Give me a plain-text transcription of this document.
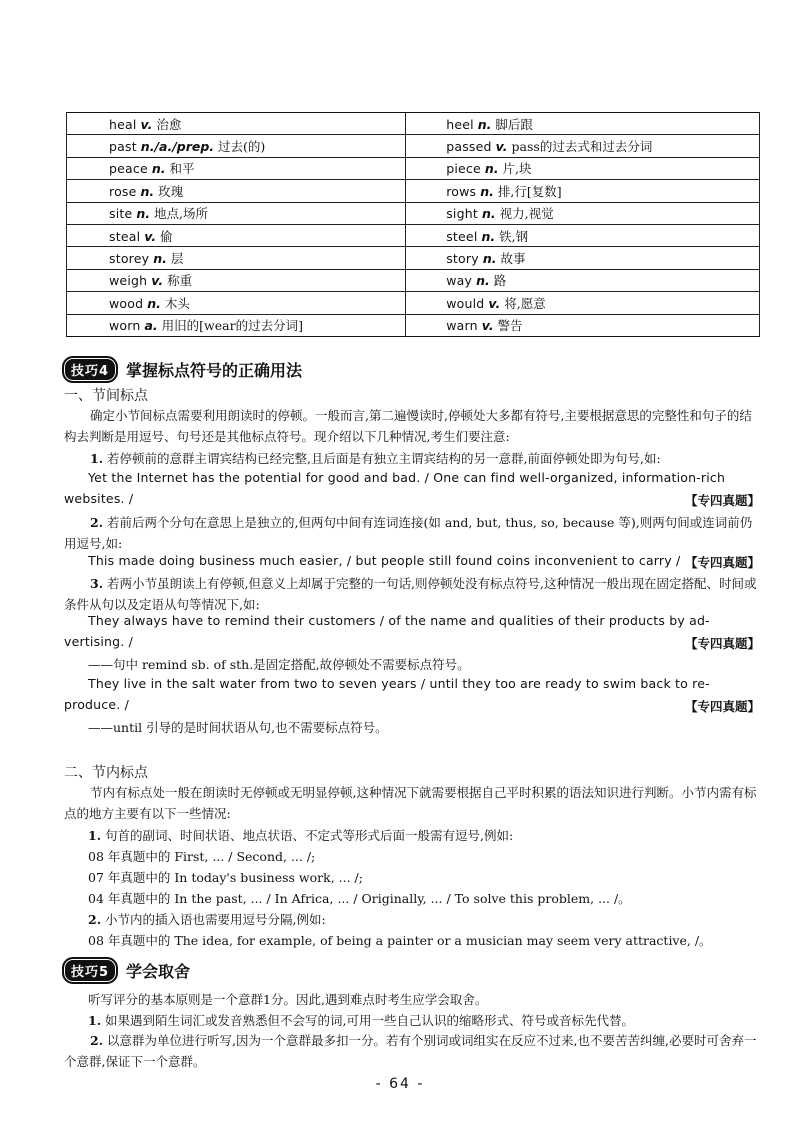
heal v. 治愈	heel n. 脚后跟
past n./a./prep. 过去(的)	passed v. pass的过去式和过去分词
peace n. 和平	piece n. 片,块
rose n. 玫瑰	rows n. 排,行[复数]
site n. 地点,场所	sight n. 视力,视觉
steal v. 偷	steel n. 铁,钢
storey n. 层	story n. 故事
weigh v. 称重	way n. 路
wood n. 木头	would v. 将,愿意
worn a. 用旧的[wear的过去分词]	warn v. 警告
技巧4	掌握标点符号的正确用法
一、节间标点

确定小节间标点需要利用朗读时的停顿。一般而言,第二遍慢读时,停顿处大多都有符号,主要根据意思的完整性和句子的结构去判断是用逗号、句号还是其他标点符号。现介绍以下几种情况,考生们要注意:

1. 若停顿前的意群主谓宾结构已经完整,且后面是有独立主谓宾结构的另一意群,前面停顿处即为句号,如:

Yet the Internet has the potential for good and bad. / One can find well-organized, information-rich
websites. /	【专四真题】

2. 若前后两个分句在意思上是独立的,但两句中间有连词连接(如 and, but, thus, so, because 等),则两句间或连词前仍用逗号,如:

This made doing business much easier, / but people still found coins inconvenient to carry / 【专四真题】

3. 若两小节虽朗读上有停顿,但意义上却属于完整的一句话,则停顿处没有标点符号,这种情况一般出现在固定搭配、时间或条件从句以及定语从句等情况下,如:

They always have to remind their customers / of the name and qualities of their products by ad-
vertising. /	【专四真题】
——句中 remind sb. of sth.是固定搭配,故停顿处不需要标点符号。
They live in the salt water from two to seven years / until they too are ready to swim back to re-
produce. /	【专四真题】
——until 引导的是时间状语从句,也不需要标点符号。
二、节内标点

节内有标点处一般在朗读时无停顿或无明显停顿,这种情况下就需要根据自己平时积累的语法知识进行判断。小节内需有标点的地方主要有以下一些情况:

1. 句首的副词、时间状语、地点状语、不定式等形式后面一般需有逗号,例如:
08 年真题中的 First, ... / Second, ... /;
07 年真题中的 In today's business work, ... /;
04 年真题中的 In the past, ... / In Africa, ... / Originally, ... / To solve this problem, ... /。
2. 小节内的插入语也需要用逗号分隔,例如:
08 年真题中的 The idea, for example, of being a painter or a musician may seem very attractive, /。
技巧5	学会取舍
听写评分的基本原则是一个意群1分。因此,遇到难点时考生应学会取舍。
1. 如果遇到陌生词汇或发音熟悉但不会写的词,可用一些自己认识的缩略形式、符号或音标先代替。

2. 以意群为单位进行听写,因为一个意群最多扣一分。若有个别词或词组实在反应不过来,也不要苦苦纠缠,必要时可舍弃一个意群,保证下一个意群。

- 64 -
